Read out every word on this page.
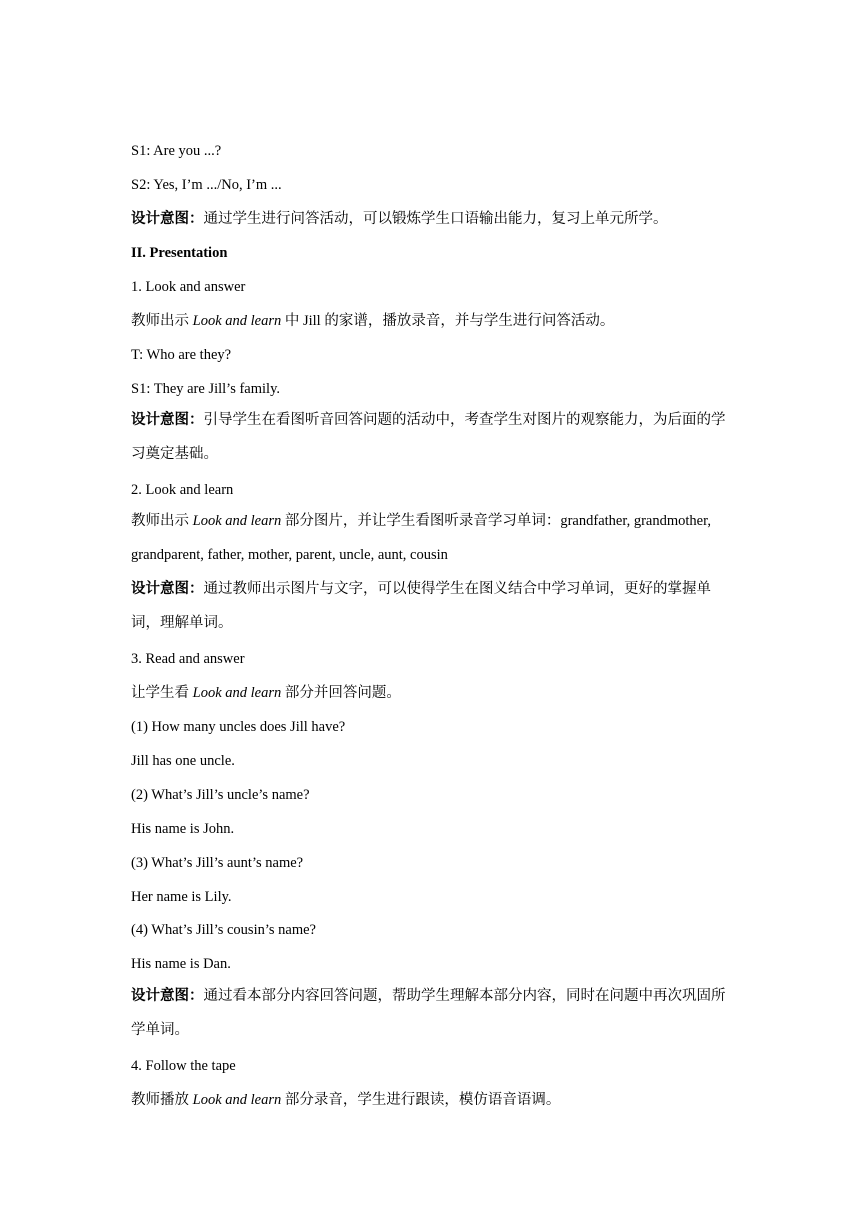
S1: Are you ...?
S2: Yes, I’m .../No, I’m ...
设计意图：通过学生进行问答活动，可以锻炼学生口语输出能力，复习上单元所学。
II. Presentation
1. Look and answer
教师出示 Look and learn 中 Jill 的家谱，播放录音，并与学生进行问答活动。
T: Who are they?
S1: They are Jill’s family.
设计意图：引导学生在看图听音回答问题的活动中，考查学生对图片的观察能力，为后面的学习奠定基础。
2. Look and learn
教师出示 Look and learn 部分图片，并让学生看图听录音学习单词：grandfather, grandmother, grandparent, father, mother, parent, uncle, aunt, cousin
设计意图：通过教师出示图片与文字，可以使得学生在图义结合中学习单词，更好的掌握单词，理解单词。
3. Read and answer
让学生看 Look and learn 部分并回答问题。
(1) How many uncles does Jill have?
Jill has one uncle.
(2) What’s Jill’s uncle’s name?
His name is John.
(3) What’s Jill’s aunt’s name?
Her name is Lily.
(4) What’s Jill’s cousin’s name?
His name is Dan.
设计意图：通过看本部分内容回答问题，帮助学生理解本部分内容，同时在问题中再次巩固所学单词。
4. Follow the tape
教师播放 Look and learn 部分录音，学生进行跟读，模仿语音语调。
